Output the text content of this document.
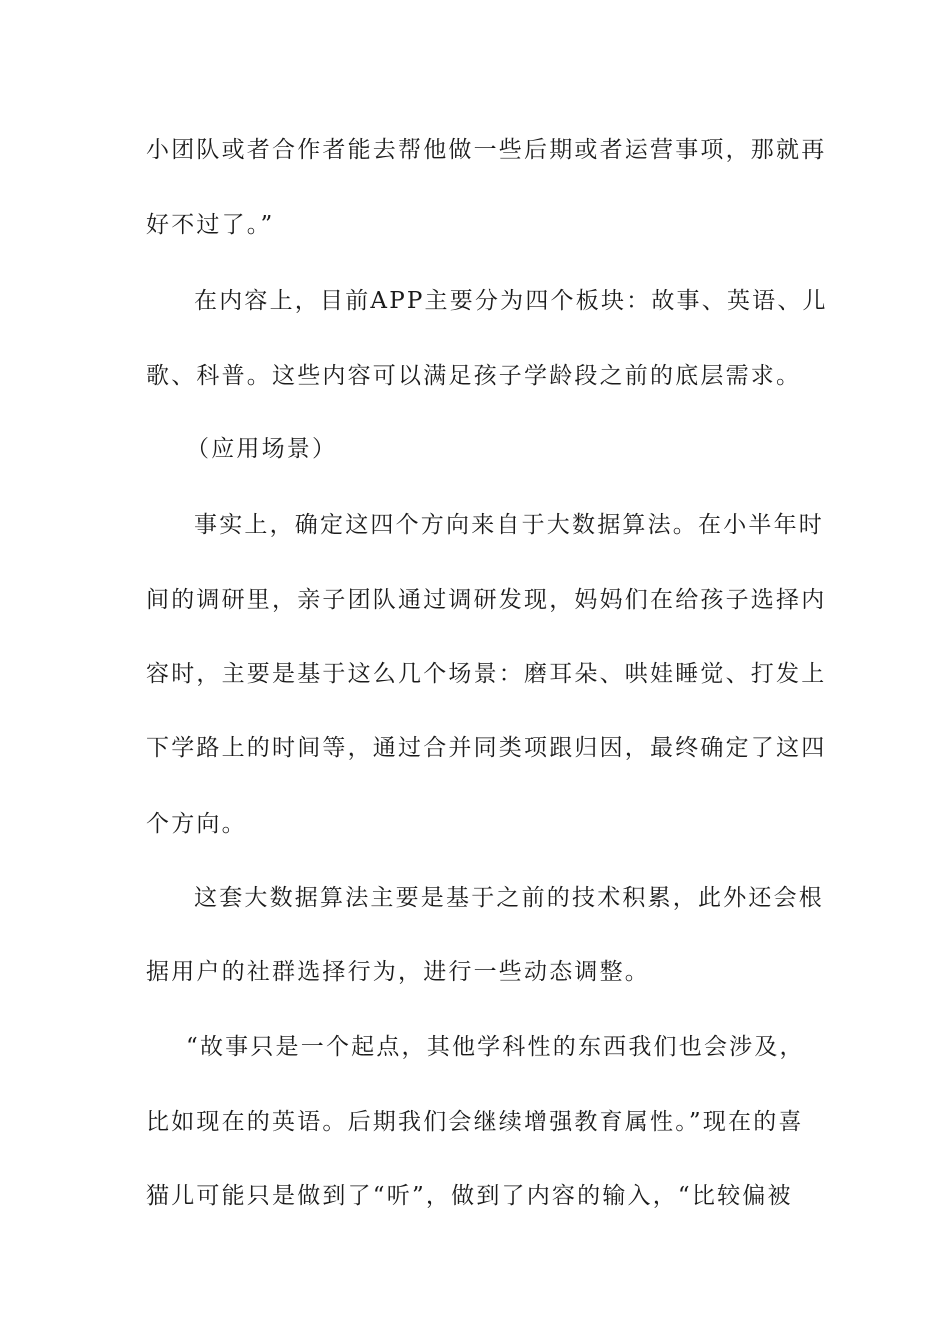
小团队或者合作者能去帮他做一些后期或者运营事项，那就再
好不过了。”
在内容上，目前APP主要分为四个板块：故事、英语、儿
歌、科普。这些内容可以满足孩子学龄段之前的底层需求。
（应用场景）
事实上，确定这四个方向来自于大数据算法。在小半年时
间的调研里，亲子团队通过调研发现，妈妈们在给孩子选择内
容时，主要是基于这么几个场景：磨耳朵、哄娃睡觉、打发上
下学路上的时间等，通过合并同类项跟归因，最终确定了这四
个方向。
这套大数据算法主要是基于之前的技术积累，此外还会根
据用户的社群选择行为，进行一些动态调整。
“故事只是一个起点，其他学科性的东西我们也会涉及，
比如现在的英语。后期我们会继续增强教育属性。”现在的喜
猫儿可能只是做到了“听”，做到了内容的输入，“比较偏被
